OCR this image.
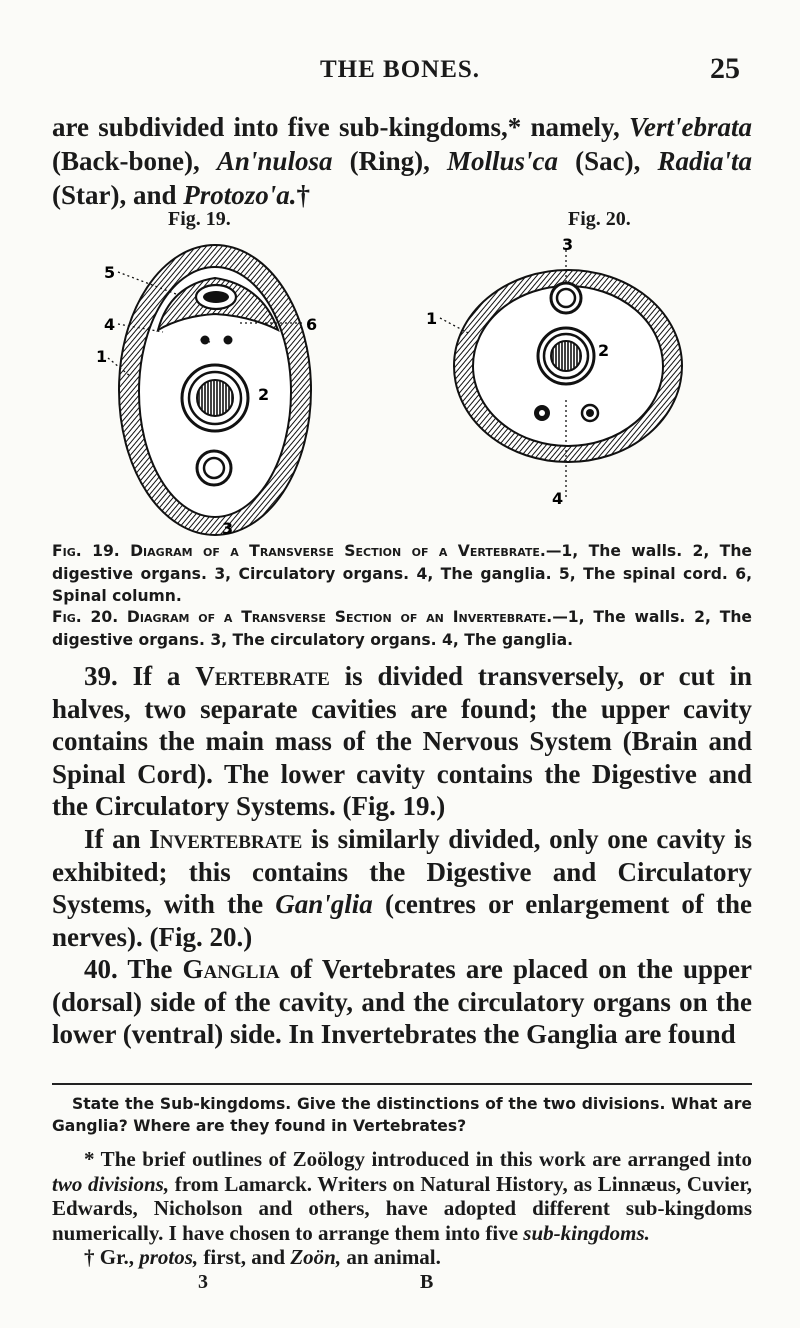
THE BONES.	25
are subdivided into five sub-kingdoms,* namely, Vert'ebrata (Back-bone), An'nulosa (Ring), Mollus'ca (Sac), Radia'ta (Star), and Protozo'a.†
Fig. 19.	Fig. 20.
5
4
1
6
2
3
3
1
2
4
Fig. 19. Diagram of a Transverse Section of a Vertebrate.—1, The walls. 2, The digestive organs. 3, Circulatory organs. 4, The ganglia. 5, The spinal cord. 6, Spinal column.
Fig. 20. Diagram of a Transverse Section of an Invertebrate.—1, The walls. 2, The digestive organs. 3, The circulatory organs. 4, The ganglia.
39. If a Vertebrate is divided transversely, or cut in halves, two separate cavities are found; the upper cavity contains the main mass of the Nervous System (Brain and Spinal Cord). The lower cavity contains the Digestive and the Circulatory Systems. (Fig. 19.)
If an Invertebrate is similarly divided, only one cavity is exhibited; this contains the Digestive and Circulatory Systems, with the Gan'glia (centres or enlargement of the nerves). (Fig. 20.)
40. The Ganglia of Vertebrates are placed on the upper (dorsal) side of the cavity, and the circulatory organs on the lower (ventral) side. In Invertebrates the Ganglia are found
State the Sub-kingdoms. Give the distinctions of the two divisions. What are Ganglia? Where are they found in Vertebrates?
* The brief outlines of Zoölogy introduced in this work are arranged into two divisions, from Lamarck. Writers on Natural History, as Linnæus, Cuvier, Edwards, Nicholson and others, have adopted different sub-kingdoms numerically. I have chosen to arrange them into five sub-kingdoms.
† Gr., protos, first, and Zoön, an animal.
3	B
